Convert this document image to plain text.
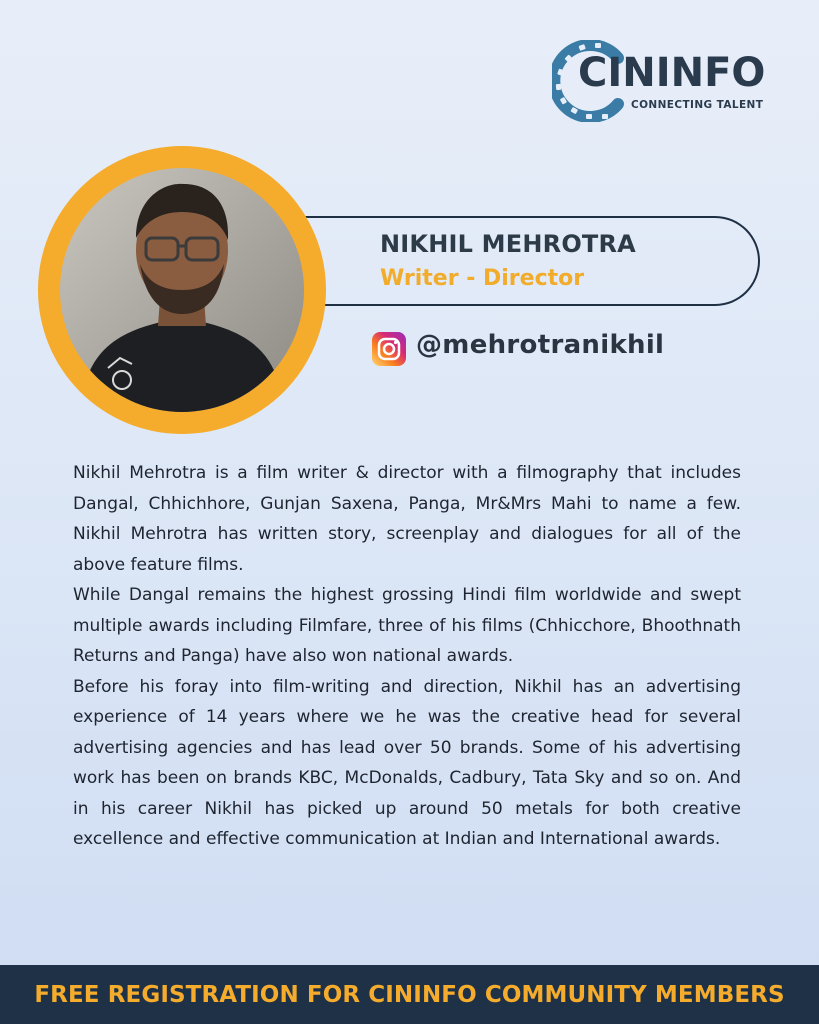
CININFO
CONNECTING TALENT
NIKHIL MEHROTRA
Writer - Director
@mehrotranikhil

Nikhil Mehrotra is a film writer & director with a filmography that includes Dangal, Chhichhore, Gunjan Saxena, Panga, Mr&Mrs Mahi to name a few. Nikhil Mehrotra has written story, screenplay and dialogues for all of the above feature films.

While Dangal remains the highest grossing Hindi film worldwide and swept multiple awards including Filmfare, three of his films (Chhicchore, Bhoothnath Returns and Panga) have also won national awards.

Before his foray into film-writing and direction, Nikhil has an advertising experience of 14 years where we he was the creative head for several advertising agencies and has lead over 50 brands. Some of his advertising work has been on brands KBC, McDonalds, Cadbury, Tata Sky and so on. And in his career Nikhil has picked up around 50 metals for both creative excellence and effective communication at Indian and International awards.

FREE REGISTRATION FOR CININFO COMMUNITY MEMBERS
